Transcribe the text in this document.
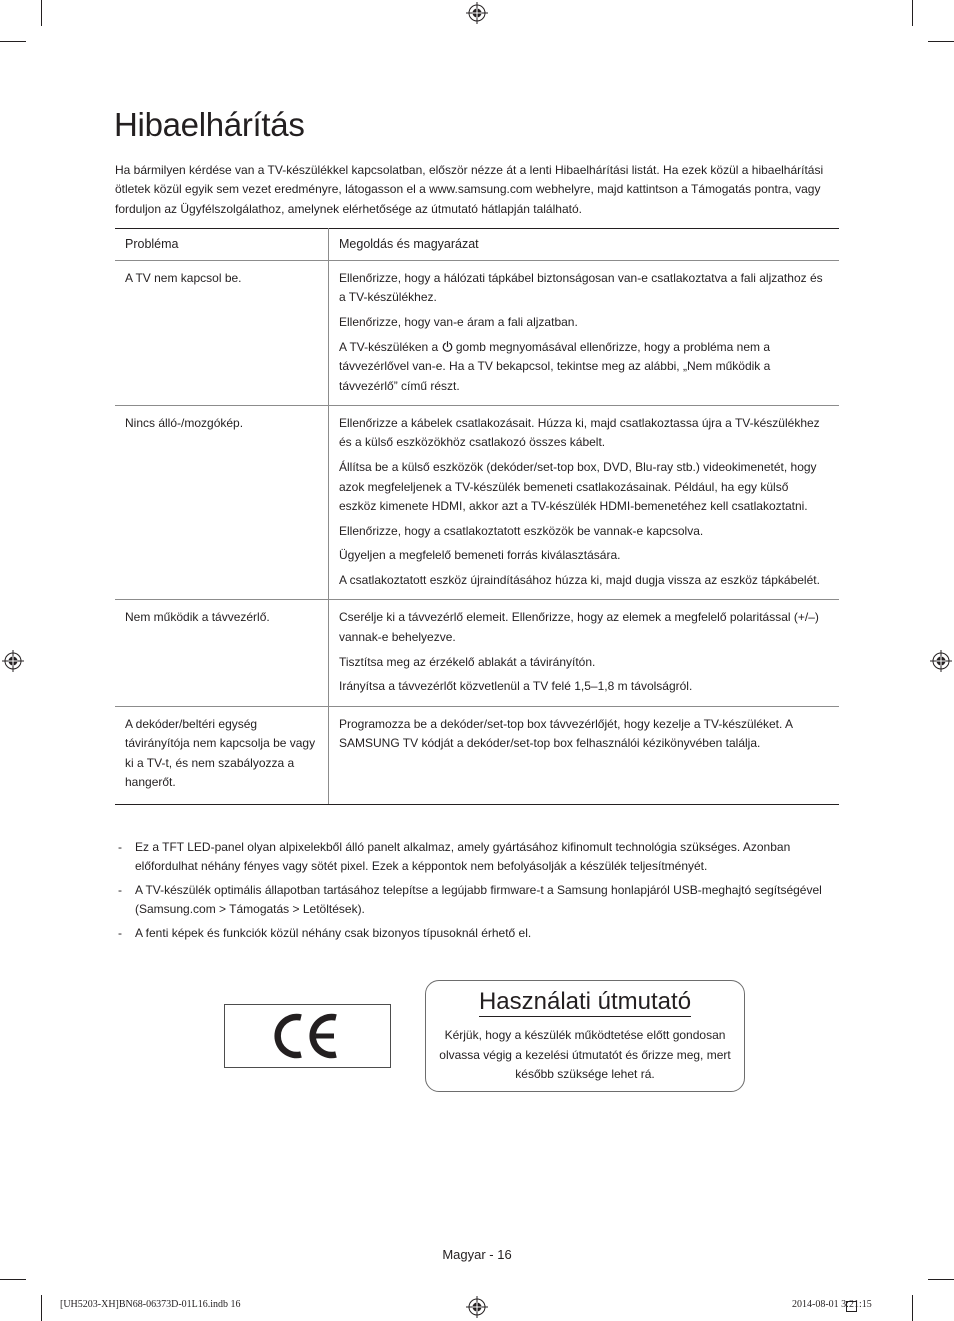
Hibaelhárítás

Ha bármilyen kérdése van a TV-készülékkel kapcsolatban, először nézze át a lenti Hibaelhárítási listát. Ha ezek közül a hibaelhárítási ötletek közül egyik sem vezet eredményre, látogasson el a www.samsung.com webhelyre, majd kattintson a Támogatás pontra, vagy forduljon az Ügyfélszolgálathoz, amelynek elérhetősége az útmutató hátlapján található.

Probléma	Megoldás és magyarázat
A TV nem kapcsol be.	Ellenőrizze, hogy a hálózati tápkábel biztonságosan van-e csatlakoztatva a fali aljzathoz és a TV-készülékhez.

Ellenőrizze, hogy van-e áram a fali aljzatban.

A TV-készüléken a gomb megnyomásával ellenőrizze, hogy a probléma nem a távvezérlővel van-e. Ha a TV bekapcsol, tekintse meg az alábbi, „Nem működik a távvezérlő” című részt.

Nincs álló-/mozgókép.	Ellenőrizze a kábelek csatlakozásait. Húzza ki, majd csatlakoztassa újra a TV-készülékhez és a külső eszközökhöz csatlakozó összes kábelt.

Állítsa be a külső eszközök (dekóder/set-top box, DVD, Blu-ray stb.) videokimenetét, hogy azok megfeleljenek a TV-készülék bemeneti csatlakozásainak. Például, ha egy külső eszköz kimenete HDMI, akkor azt a TV-készülék HDMI-bemenetéhez kell csatlakoztatni.

Ellenőrizze, hogy a csatlakoztatott eszközök be vannak-e kapcsolva.

Ügyeljen a megfelelő bemeneti forrás kiválasztására.

A csatlakoztatott eszköz újraindításához húzza ki, majd dugja vissza az eszköz tápkábelét.

Nem működik a távvezérlő.	Cserélje ki a távvezérlő elemeit. Ellenőrizze, hogy az elemek a megfelelő polaritással (+/–) vannak-e behelyezve.

Tisztítsa meg az érzékelő ablakát a távirányítón.

Irányítsa a távvezérlőt közvetlenül a TV felé 1,5–1,8 m távolságról.

A dekóder/beltéri egység távirányítója nem kapcsolja be vagy ki a TV-t, és nem szabályozza a hangerőt.	Programozza be a dekóder/set-top box távvezérlőjét, hogy kezelje a TV-készüléket. A SAMSUNG TV kódját a dekóder/set-top box felhasználói kézikönyvében találja.

- Ez a TFT LED-panel olyan alpixelekből álló panelt alkalmaz, amely gyártásához kifinomult technológia szükséges. Azonban előfordulhat néhány fényes vagy sötét pixel. Ezek a képpontok nem befolyásolják a készülék teljesítményét.
- A TV-készülék optimális állapotban tartásához telepítse a legújabb firmware-t a Samsung honlapjáról USB-meghajtó segítségével (Samsung.com > Támogatás > Letöltések).
- A fenti képek és funkciók közül néhány csak bizonyos típusoknál érhető el.
Használati útmutató

Kérjük, hogy a készülék működtetése előtt gondosan olvassa végig a kezelési útmutatót és őrizze meg, mert később szüksége lehet rá.

Magyar - 16
[UH5203-XH]BN68-06373D-01L16.indb 16	2014-08-01 3:21:15
